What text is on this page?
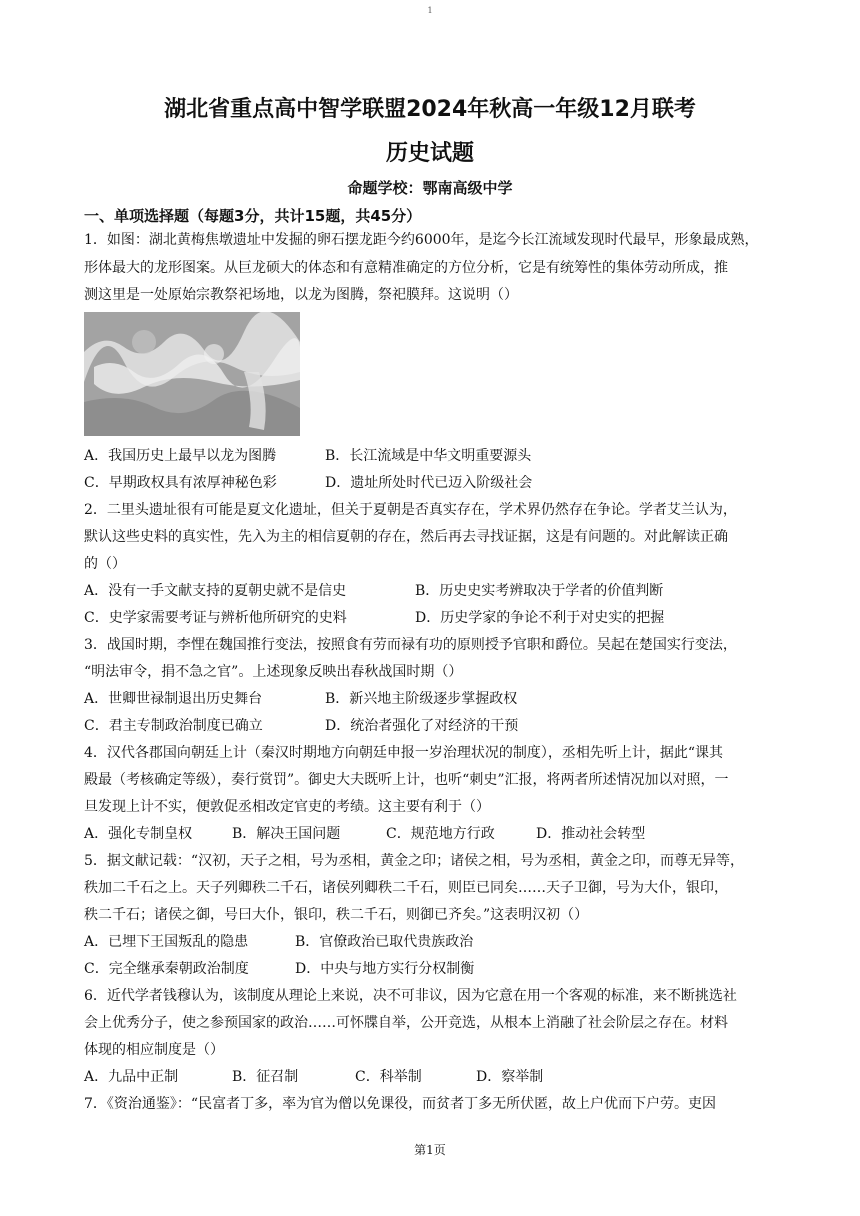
1
湖北省重点高中智学联盟2024年秋高一年级12月联考
历史试题
命题学校：鄂南高级中学
一、单项选择题（每题3分，共计15题，共45分）
1．如图：湖北黄梅焦墩遗址中发掘的卵石摆龙距今约6000年，是迄今长江流域发现时代最早，形象最成熟，
形体最大的龙形图案。从巨龙硕大的体态和有意精准确定的方位分析，它是有统筹性的集体劳动所成，推
测这里是一处原始宗教祭祀场地，以龙为图腾，祭祀膜拜。这说明（）
A．我国历史上最早以龙为图腾	B．长江流域是中华文明重要源头
C．早期政权具有浓厚神秘色彩	D．遗址所处时代已迈入阶级社会
2．二里头遗址很有可能是夏文化遗址，但关于夏朝是否真实存在，学术界仍然存在争论。学者艾兰认为，
默认这些史料的真实性，先入为主的相信夏朝的存在，然后再去寻找证据，这是有问题的。对此解读正确
的（）
A．没有一手文献支持的夏朝史就不是信史	B．历史史实考辨取决于学者的价值判断
C．史学家需要考证与辨析他所研究的史料	D．历史学家的争论不利于对史实的把握
3．战国时期，李悝在魏国推行变法，按照食有劳而禄有功的原则授予官职和爵位。吴起在楚国实行变法，
“明法审令，捐不急之官”。上述现象反映出春秋战国时期（）
A．世卿世禄制退出历史舞台	B．新兴地主阶级逐步掌握政权
C．君主专制政治制度已确立	D．统治者强化了对经济的干预
4．汉代各郡国向朝廷上计（秦汉时期地方向朝廷申报一岁治理状况的制度），丞相先听上计，据此“课其
殿最（考核确定等级），奏行赏罚”。御史大夫既听上计，也听“刺史”汇报，将两者所述情况加以对照，一
旦发现上计不实，便敦促丞相改定官吏的考绩。这主要有利于（）
A．强化专制皇权	B．解决王国问题	C．规范地方行政	D．推动社会转型
5．据文献记载：“汉初，天子之相，号为丞相，黄金之印；诸侯之相，号为丞相，黄金之印，而尊无异等，
秩加二千石之上。天子列卿秩二千石，诸侯列卿秩二千石，则臣已同矣……天子卫御，号为大仆，银印，
秩二千石；诸侯之御，号曰大仆，银印，秩二千石，则御已齐矣。”这表明汉初（）
A．已埋下王国叛乱的隐患	B．官僚政治已取代贵族政治
C．完全继承秦朝政治制度	D．中央与地方实行分权制衡
6．近代学者钱穆认为，该制度从理论上来说，决不可非议，因为它意在用一个客观的标准，来不断挑选社
会上优秀分子，使之参预国家的政治……可怀牒自举，公开竞选，从根本上消融了社会阶层之存在。材料
体现的相应制度是（）
A．九品中正制	B．征召制	C．科举制	D．察举制
7．《资治通鉴》：“民富者丁多，率为官为僧以免课役，而贫者丁多无所伏匿，故上户优而下户劳。吏因
第1页
